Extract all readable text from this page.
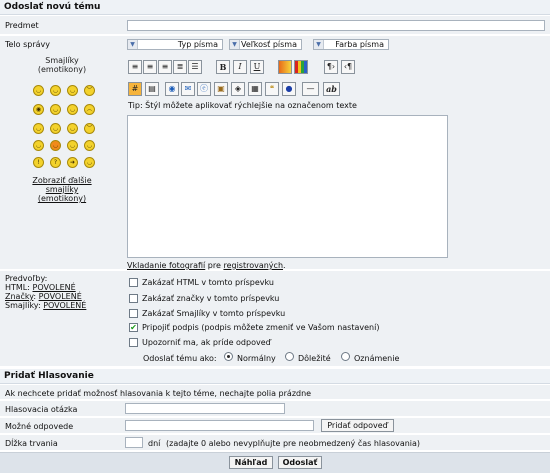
Odoslať novú tému
Predmet
Telo správy	▼	Typ písma	▼ Veľkosť písma	▼	Farba písma
Smajlíky
(emotikony)	≡	≡	≡	≣	☰	B	I	U	¶›	‹¶
#	▤	◉	✉	ⓔ	▣	◈	▦	❝	●	—	ab
Tip: Štýl môžete aplikovať rýchlejšie na označenom texte
◡	◡	◡	︶
◉	◡	◡	︵
◡	◡	◡	︶
◡	◡	◡	◡
!	?	➜	◡
Zobraziť ďalšie
smajlíky
(emotikony)
Vkladanie fotografií pre registrovaných.
Predvoľby:
HTML: POVOLENÉ
Značky: POVOLENÉ
Smajlíky: POVOLENÉ
Zakázať HTML v tomto príspevku
Zakázať značky v tomto príspevku
Zakázať Smajlíky v tomto príspevku
✔ Pripojiť podpis (podpis môžete zmeniť ve Vašom nastavení)
Upozorniť ma, ak príde odpoveď
Odoslať tému ako:	Normálny	Dôležité	Oznámenie
Pridať Hlasovanie
Ak nechcete pridať možnosť hlasovania k tejto téme, nechajte polia prázdne
Hlasovacia otázka
Možné odpovede	Pridať odpoveď
Dĺžka trvania	dní (zadajte 0 alebo nevyplňujte pre neobmedzený čas hlasovania)
Náhľad	Odoslať
